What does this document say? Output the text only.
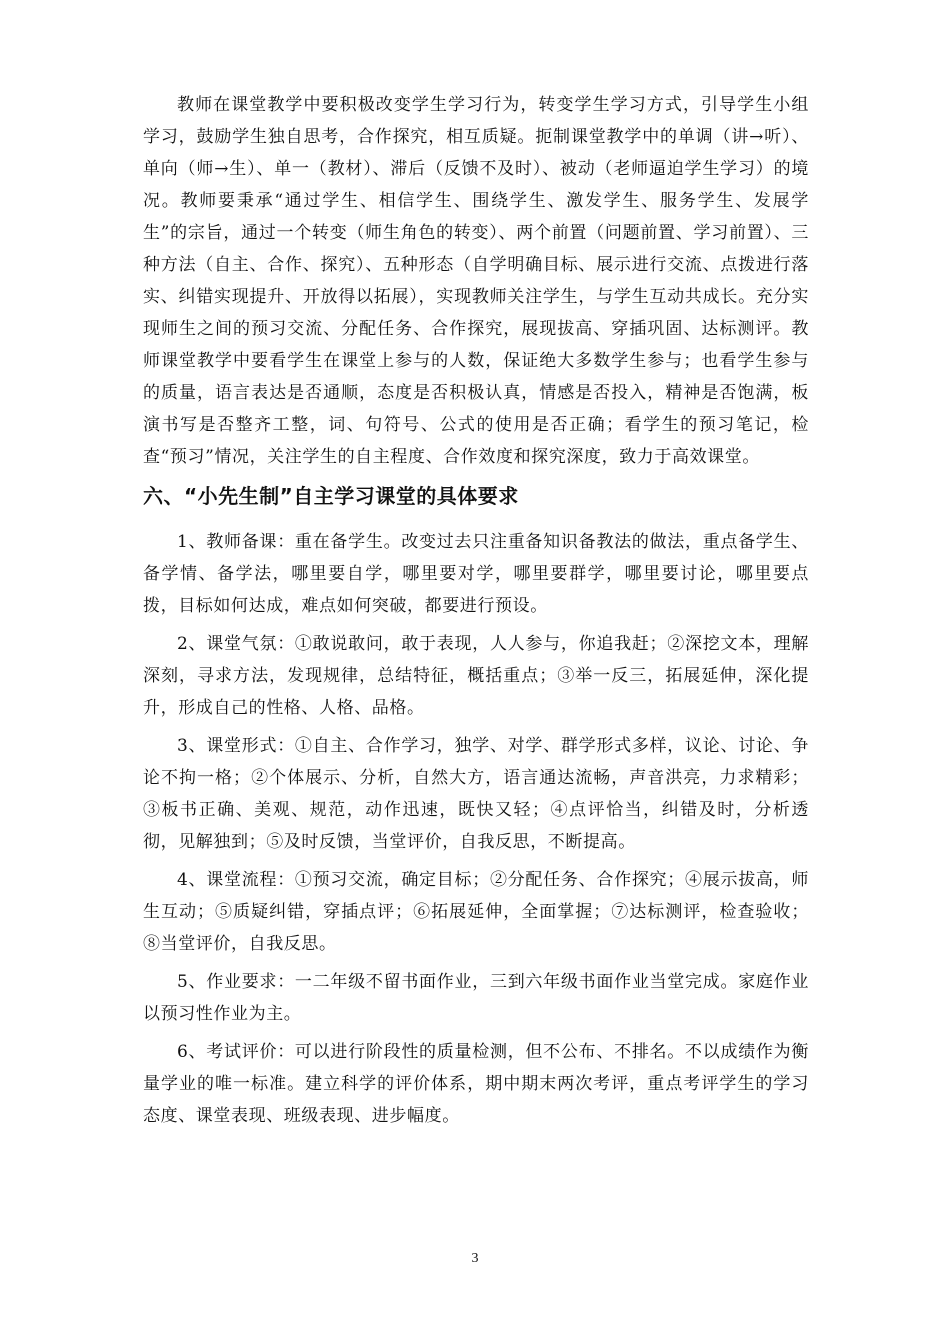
教师在课堂教学中要积极改变学生学习行为，转变学生学习方式，引导学生小组学习，鼓励学生独自思考，合作探究，相互质疑。扼制课堂教学中的单调（讲→听）、单向（师→生）、单一（教材）、滞后（反馈不及时）、被动（老师逼迫学生学习）的境况。教师要秉承“通过学生、相信学生、围绕学生、激发学生、服务学生、发展学生”的宗旨，通过一个转变（师生角色的转变）、两个前置（问题前置、学习前置）、三种方法（自主、合作、探究）、五种形态（自学明确目标、展示进行交流、点拨进行落实、纠错实现提升、开放得以拓展），实现教师关注学生，与学生互动共成长。充分实现师生之间的预习交流、分配任务、合作探究，展现拔高、穿插巩固、达标测评。教师课堂教学中要看学生在课堂上参与的人数，保证绝大多数学生参与；也看学生参与的质量，语言表达是否通顺，态度是否积极认真，情感是否投入，精神是否饱满，板演书写是否整齐工整，词、句符号、公式的使用是否正确；看学生的预习笔记，检查“预习”情况，关注学生的自主程度、合作效度和探究深度，致力于高效课堂。

六、“小先生制”自主学习课堂的具体要求

1、教师备课：重在备学生。改变过去只注重备知识备教法的做法，重点备学生、备学情、备学法，哪里要自学，哪里要对学，哪里要群学，哪里要讨论，哪里要点拨，目标如何达成，难点如何突破，都要进行预设。

2、课堂气氛：①敢说敢问，敢于表现，人人参与，你追我赶；②深挖文本，理解深刻，寻求方法，发现规律，总结特征，概括重点；③举一反三，拓展延伸，深化提升，形成自己的性格、人格、品格。

3、课堂形式：①自主、合作学习，独学、对学、群学形式多样，议论、讨论、争论不拘一格；②个体展示、分析，自然大方，语言通达流畅，声音洪亮，力求精彩；③板书正确、美观、规范，动作迅速，既快又轻；④点评恰当，纠错及时，分析透彻，见解独到；⑤及时反馈，当堂评价，自我反思，不断提高。

4、课堂流程：①预习交流，确定目标；②分配任务、合作探究；④展示拔高，师生互动；⑤质疑纠错，穿插点评；⑥拓展延伸，全面掌握；⑦达标测评，检查验收；⑧当堂评价，自我反思。

5、作业要求：一二年级不留书面作业，三到六年级书面作业当堂完成。家庭作业以预习性作业为主。

6、考试评价：可以进行阶段性的质量检测，但不公布、不排名。不以成绩作为衡量学业的唯一标准。建立科学的评价体系，期中期末两次考评，重点考评学生的学习态度、课堂表现、班级表现、进步幅度。

3
